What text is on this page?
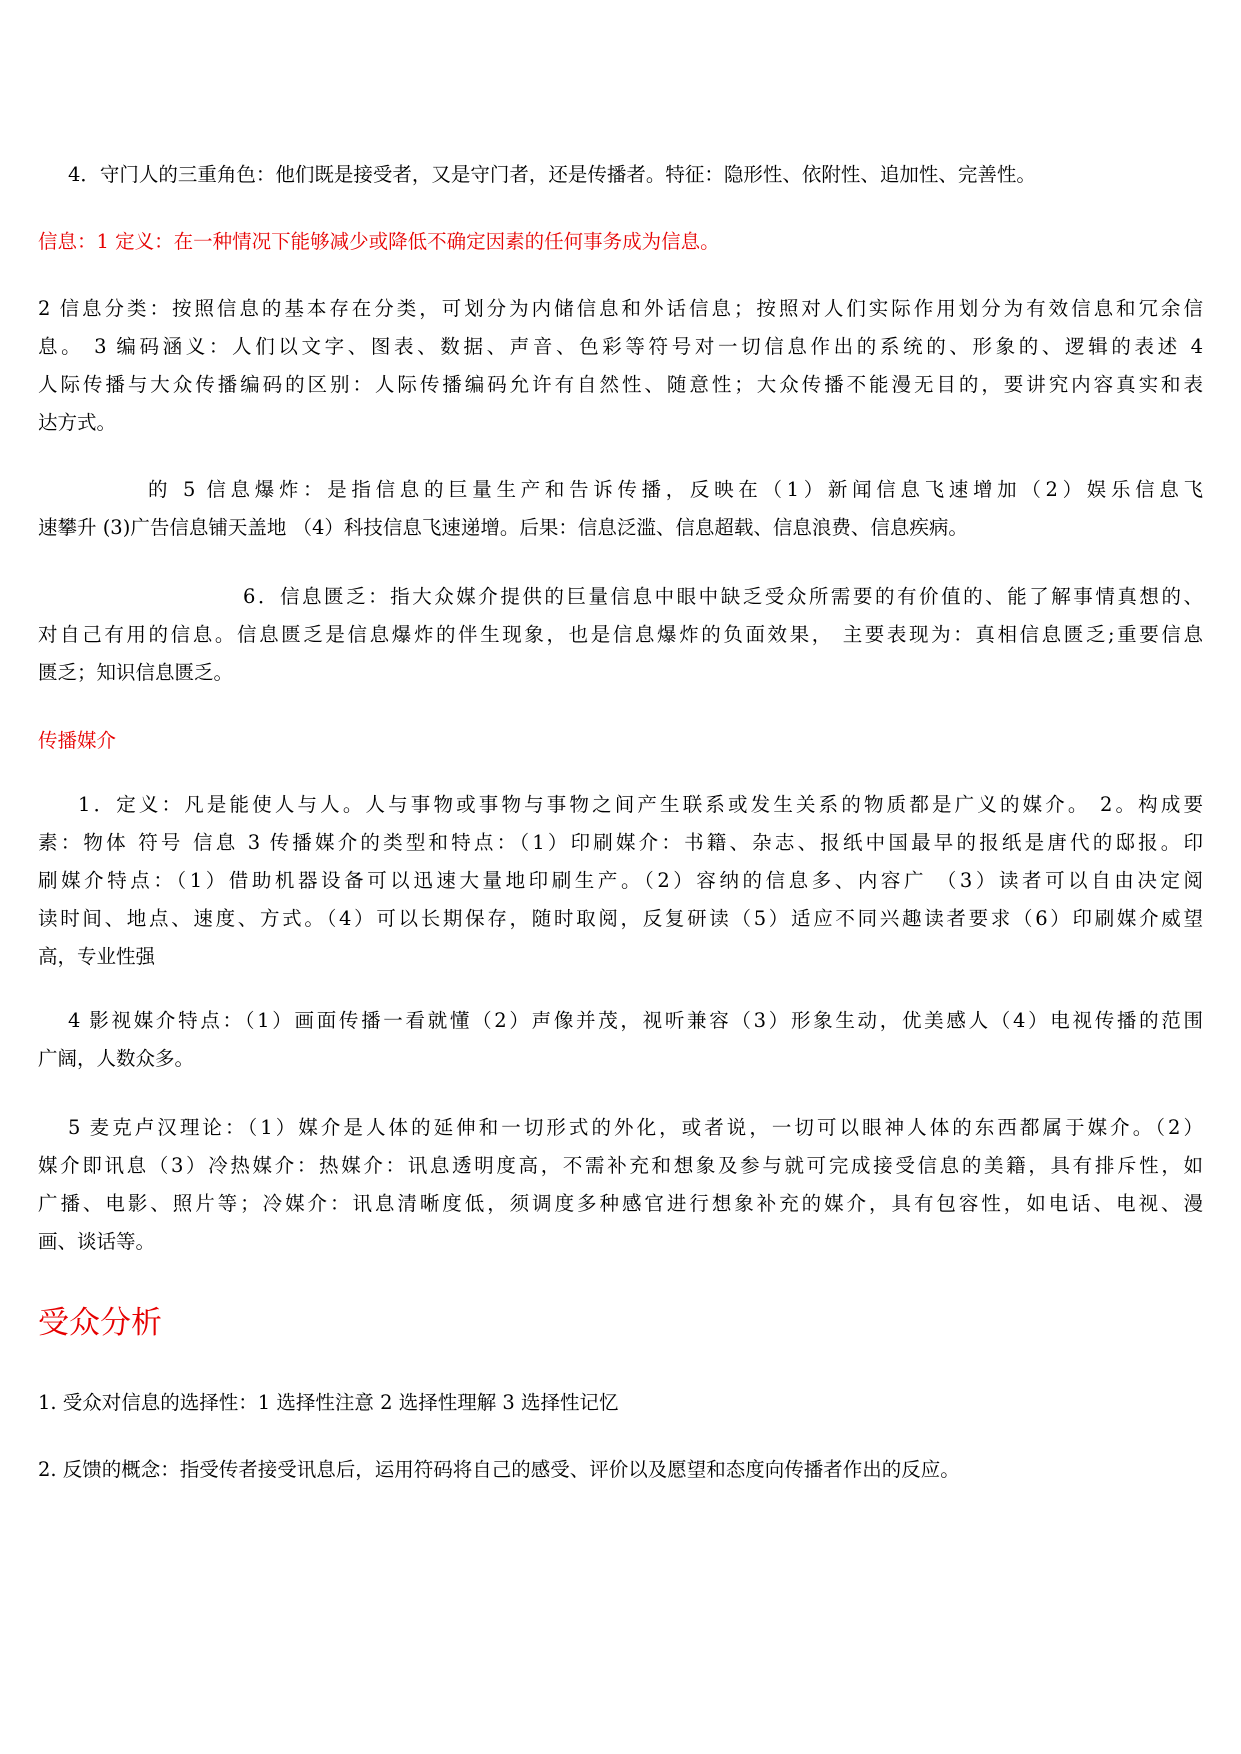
4．守门人的三重角色：他们既是接受者，又是守门者，还是传播者。特征：隐形性、依附性、追加性、完善性。
信息：1 定义：在一种情况下能够减少或降低不确定因素的任何事务成为信息。
2 信息分类：按照信息的基本存在分类，可划分为内储信息和外话信息；按照对人们实际作用划分为有效信息和冗余信
息。 3 编码涵义：人们以文字、图表、数据、声音、色彩等符号对一切信息作出的系统的、形象的、逻辑的表述 4
人际传播与大众传播编码的区别：人际传播编码允许有自然性、随意性；大众传播不能漫无目的，要讲究内容真实和表
达方式。
的 5 信息爆炸：是指信息的巨量生产和告诉传播，反映在（1）新闻信息飞速增加（2）娱乐信息飞
速攀升 (3)广告信息铺天盖地 （4）科技信息飞速递增。后果：信息泛滥、信息超载、信息浪费、信息疾病。
6．信息匮乏：指大众媒介提供的巨量信息中眼中缺乏受众所需要的有价值的、能了解事情真想的、
对自己有用的信息。信息匮乏是信息爆炸的伴生现象，也是信息爆炸的负面效果， 主要表现为：真相信息匮乏;重要信息
匮乏；知识信息匮乏。
传播媒介
1．定义：凡是能使人与人。人与事物或事物与事物之间产生联系或发生关系的物质都是广义的媒介。 2。构成要
素：物体 符号 信息 3 传播媒介的类型和特点：（1）印刷媒介：书籍、杂志、报纸中国最早的报纸是唐代的邸报。印
刷媒介特点：（1）借助机器设备可以迅速大量地印刷生产。（2）容纳的信息多、内容广 （3）读者可以自由决定阅
读时间、地点、速度、方式。（4）可以长期保存，随时取阅，反复研读（5）适应不同兴趣读者要求（6）印刷媒介威望
高，专业性强
4 影视媒介特点：（1）画面传播一看就懂（2）声像并茂，视听兼容（3）形象生动，优美感人（4）电视传播的范围
广阔，人数众多。
5 麦克卢汉理论：（1）媒介是人体的延伸和一切形式的外化，或者说，一切可以眼神人体的东西都属于媒介。（2）
媒介即讯息（3）冷热媒介：热媒介：讯息透明度高，不需补充和想象及参与就可完成接受信息的美籍，具有排斥性，如
广播、电影、照片等；冷媒介：讯息清晰度低，须调度多种感官进行想象补充的媒介，具有包容性，如电话、电视、漫
画、谈话等。
受众分析
1. 受众对信息的选择性：1 选择性注意 2 选择性理解 3 选择性记忆
2. 反馈的概念：指受传者接受讯息后，运用符码将自己的感受、评价以及愿望和态度向传播者作出的反应。
